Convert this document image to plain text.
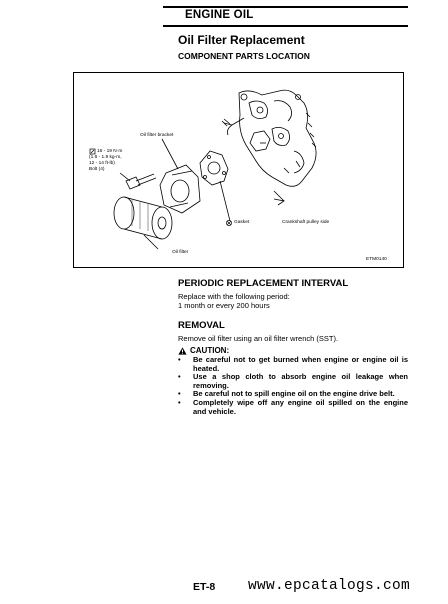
ENGINE OIL
Oil Filter Replacement
COMPONENT PARTS LOCATION
Oil filter bracket
16 - 19 N·m
(1.6 - 1.9 kg-m,
12 - 14 ft-lb)
Bolt (4)
Gasket	Crankshaft pulley side
Oil filter
ETM0140
PERIODIC REPLACEMENT INTERVAL
Replace with the following period:
1 month or every 200 hours
REMOVAL
Remove oil filter using an oil filter wrench (SST).
CAUTION:
•	Be careful not to get burned when engine or engine oil is heated.
•	Use a shop cloth to absorb engine oil leakage when removing.
•	Be careful not to spill engine oil on the engine drive belt.
•	Completely wipe off any engine oil spilled on the engine and vehicle.
ET-8 www.epcatalogs.com
